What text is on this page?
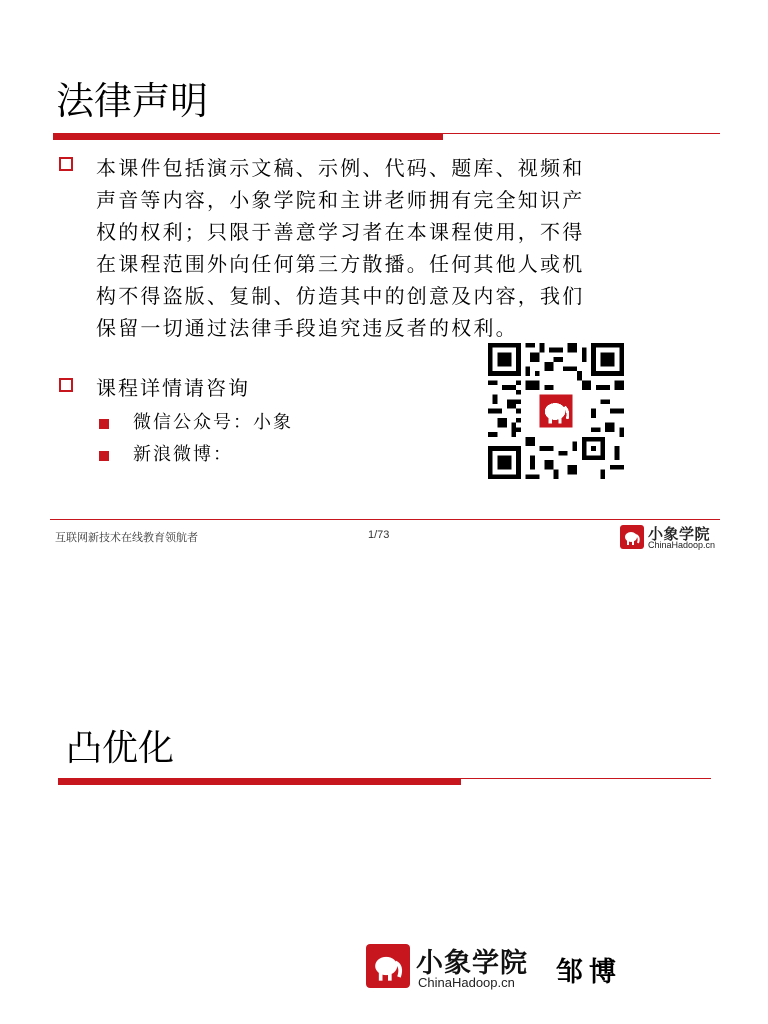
法律声明
本课件包括演示文稿、示例、代码、题库、视频和
声音等内容，小象学院和主讲老师拥有完全知识产
权的权利；只限于善意学习者在本课程使用，不得
在课程范围外向任何第三方散播。任何其他人或机
构不得盗版、复制、仿造其中的创意及内容，我们
保留一切通过法律手段追究违反者的权利。
课程详情请咨询
微信公众号：小象
新浪微博：
互联网新技术在线教育领航者	1/73	小象学院
ChinaHadoop.cn
凸优化
小象学院
ChinaHadoop.cn 邹博
